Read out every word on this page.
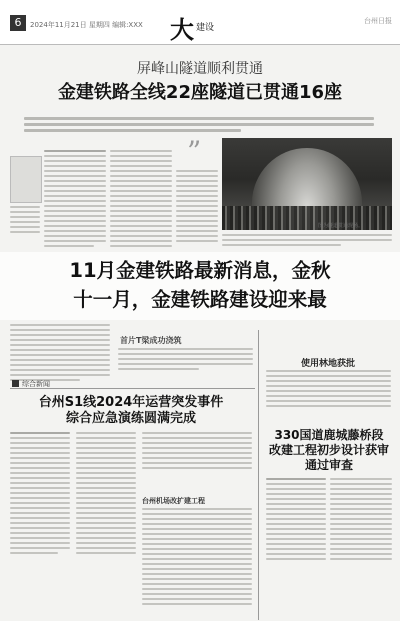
6	2024年11月21日 星期四 编辑:XXX 大 $^{建设}$
台州日报
屏峰山隧道顺利贯通
金建铁路全线22座隧道已贯通16座
”
图为隧道贯通现场。
11月金建铁路最新消息，金秋
十一月，金建铁路建设迎来最
首片T梁成功浇筑
使用林地获批
综合新闻
台州S1线2024年运营突发事件
综合应急演练圆满完成
台州机场改扩建工程
330国道鹿城藤桥段
改建工程初步设计获审
通过审查
